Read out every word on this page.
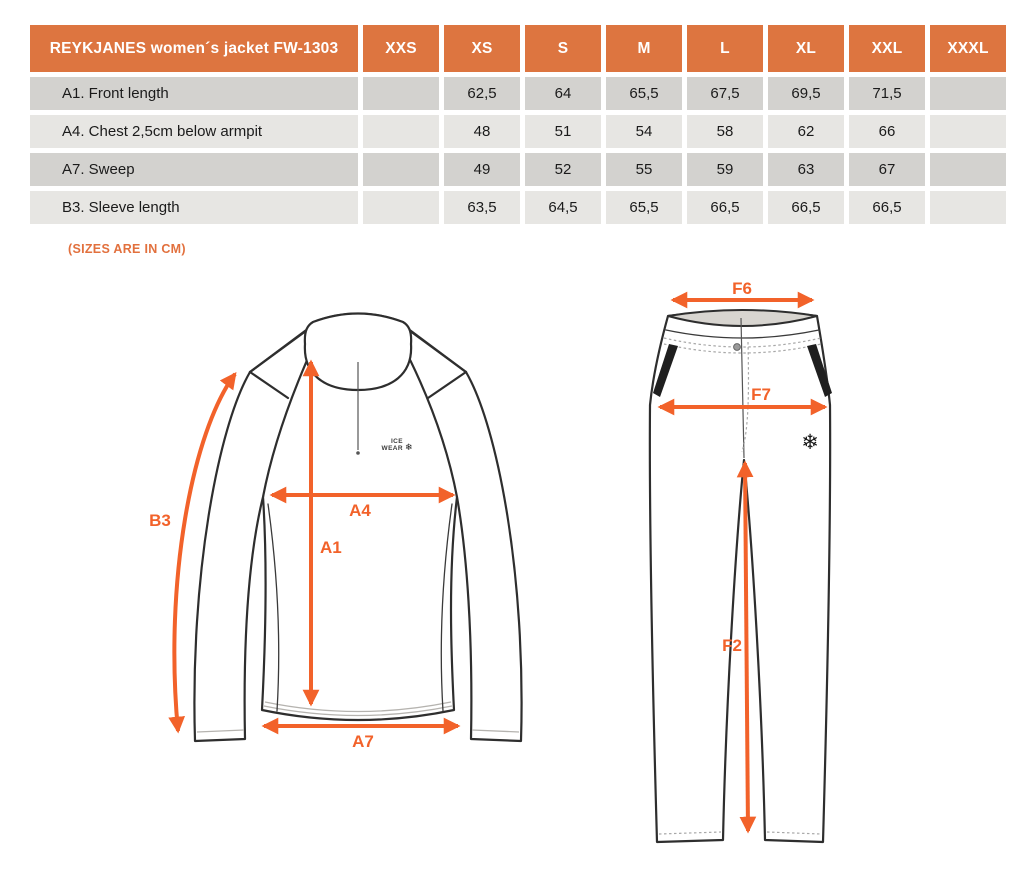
REYKJANES women´s jacket FW-1303	XXS	XS	S	M	L	XL	XXL	XXXL
A1. Front length		62,5	64	65,5	67,5	69,5	71,5	
A4. Chest 2,5cm below armpit		48	51	54	58	62	66	
A7. Sweep		49	52	55	59	63	67	
B3. Sleeve length		63,5	64,5	65,5	66,5	66,5	66,5	
(SIZES ARE IN CM)
ICE
WEAR ❄
B3
A1
A4
A7
❄
F6
F7
F2
